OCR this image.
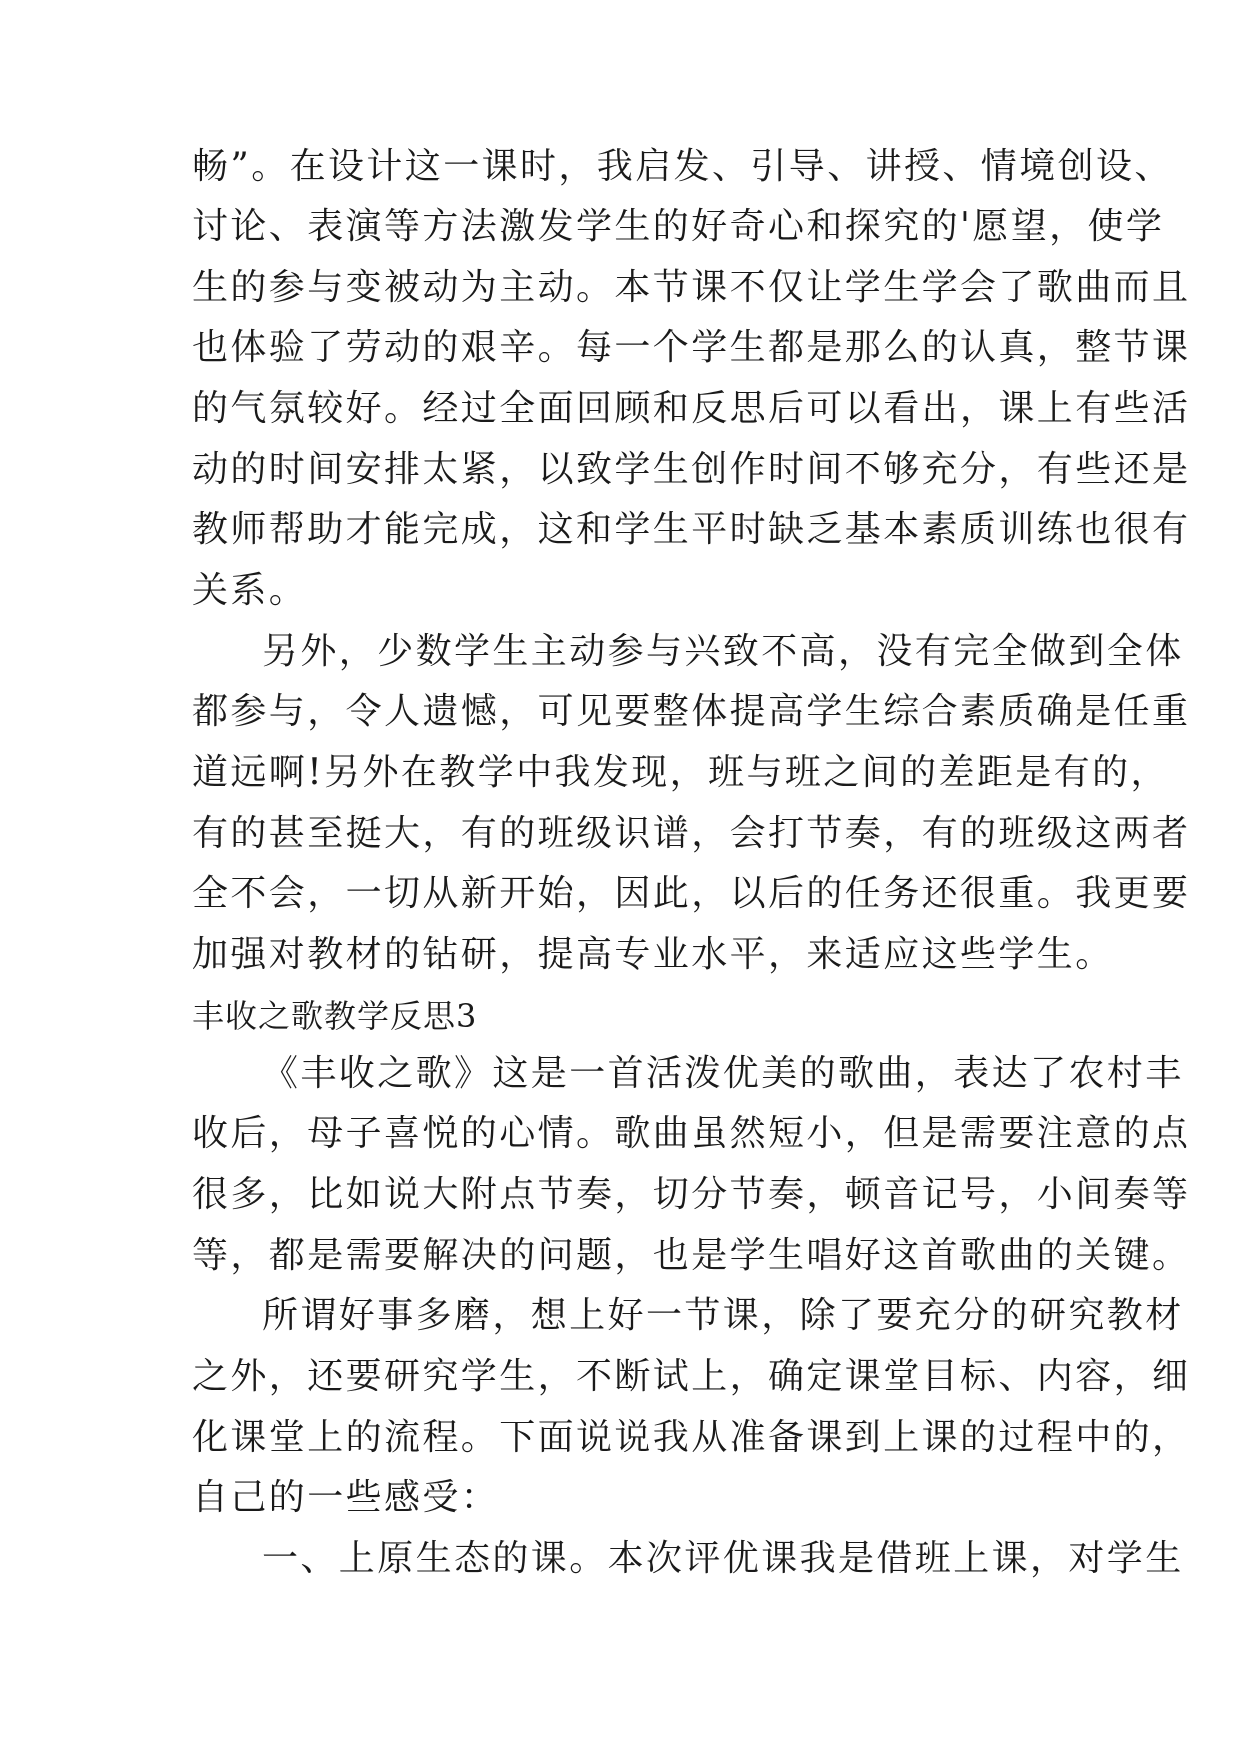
畅”。在设计这一课时，我启发、引导、讲授、情境创设、
讨论、表演等方法激发学生的好奇心和探究的'愿望，使学
生的参与变被动为主动。本节课不仅让学生学会了歌曲而且
也体验了劳动的艰辛。每一个学生都是那么的认真，整节课
的气氛较好。经过全面回顾和反思后可以看出，课上有些活
动的时间安排太紧，以致学生创作时间不够充分，有些还是
教师帮助才能完成，这和学生平时缺乏基本素质训练也很有
关系。
另外，少数学生主动参与兴致不高，没有完全做到全体
都参与，令人遗憾，可见要整体提高学生综合素质确是任重
道远啊!另外在教学中我发现，班与班之间的差距是有的，
有的甚至挺大，有的班级识谱，会打节奏，有的班级这两者
全不会，一切从新开始，因此，以后的任务还很重。我更要
加强对教材的钻研，提高专业水平，来适应这些学生。
丰收之歌教学反思3
《丰收之歌》这是一首活泼优美的歌曲，表达了农村丰
收后，母子喜悦的心情。歌曲虽然短小，但是需要注意的点
很多，比如说大附点节奏，切分节奏，顿音记号，小间奏等
等，都是需要解决的问题，也是学生唱好这首歌曲的关键。
所谓好事多磨，想上好一节课，除了要充分的研究教材
之外，还要研究学生，不断试上，确定课堂目标、内容，细
化课堂上的流程。下面说说我从准备课到上课的过程中的，
自己的一些感受：
一、上原生态的课。本次评优课我是借班上课，对学生
